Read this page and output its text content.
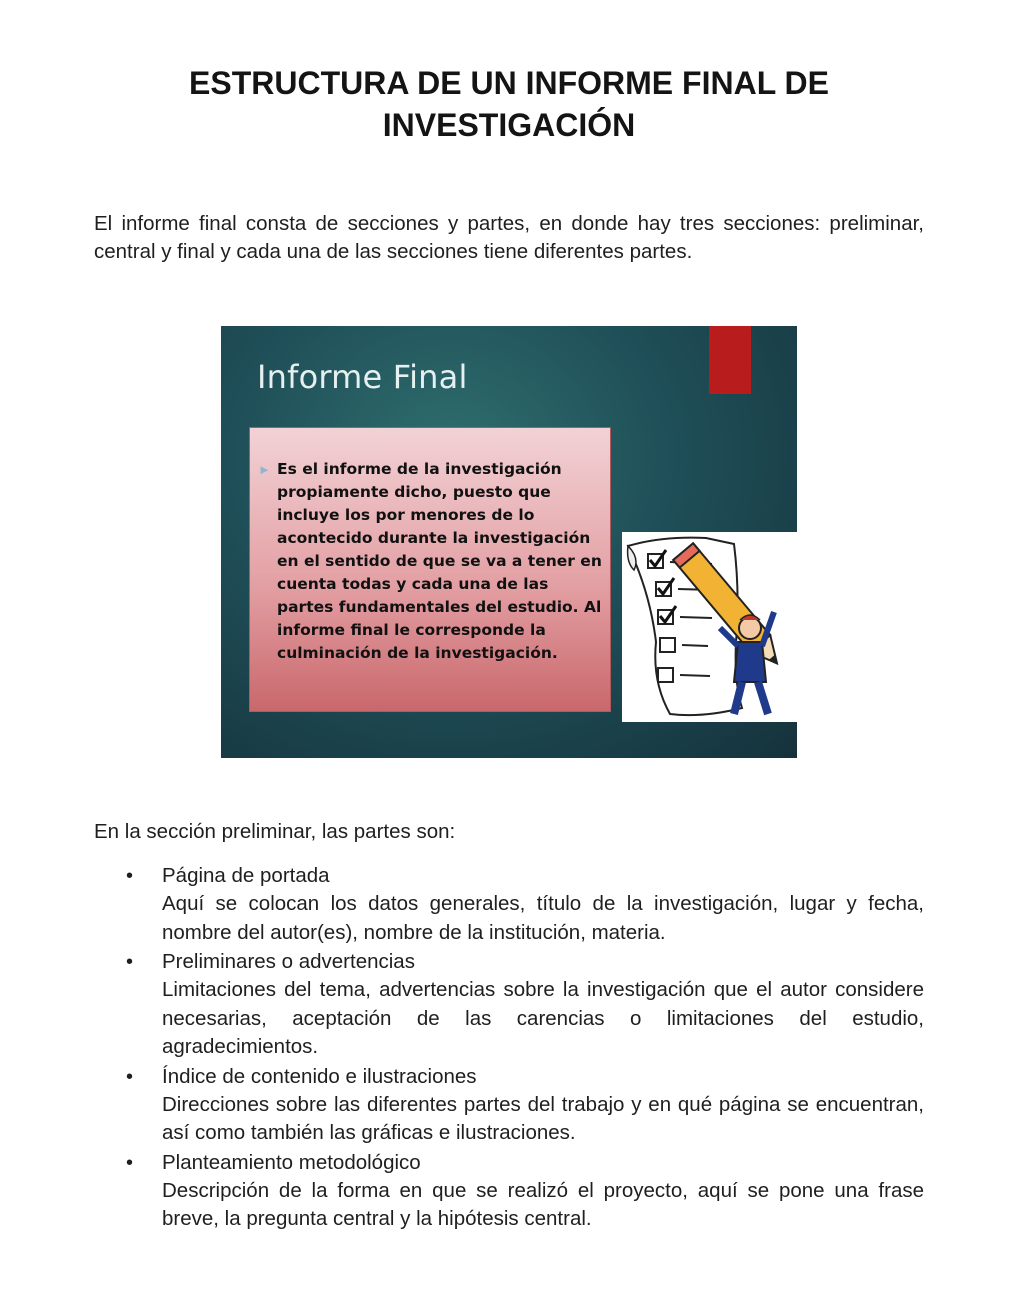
ESTRUCTURA DE UN INFORME FINAL DE INVESTIGACIÓN

El informe final consta de secciones y partes, en donde hay tres secciones: preliminar, central y final y cada una de las secciones tiene diferentes partes.

Informe Final
► Es el informe de la investigación propiamente dicho, puesto que incluye los por menores de lo acontecido durante la investigación en el sentido de que se va a tener en cuenta todas y cada una de las partes fundamentales del estudio. Al informe final le corresponde la culminación de la investigación.

En la sección preliminar, las partes son:

• Página de portada

Aquí se colocan los datos generales, título de la investigación, lugar y fecha, nombre del autor(es), nombre de la institución, materia.

• Preliminares o advertencias

Limitaciones del tema, advertencias sobre la investigación que el autor considere necesarias, aceptación de las carencias o limitaciones del estudio, agradecimientos.

• Índice de contenido e ilustraciones

Direcciones sobre las diferentes partes del trabajo y en qué página se encuentran, así como también las gráficas e ilustraciones.

• Planteamiento metodológico

Descripción de la forma en que se realizó el proyecto, aquí se pone una frase breve, la pregunta central y la hipótesis central.
